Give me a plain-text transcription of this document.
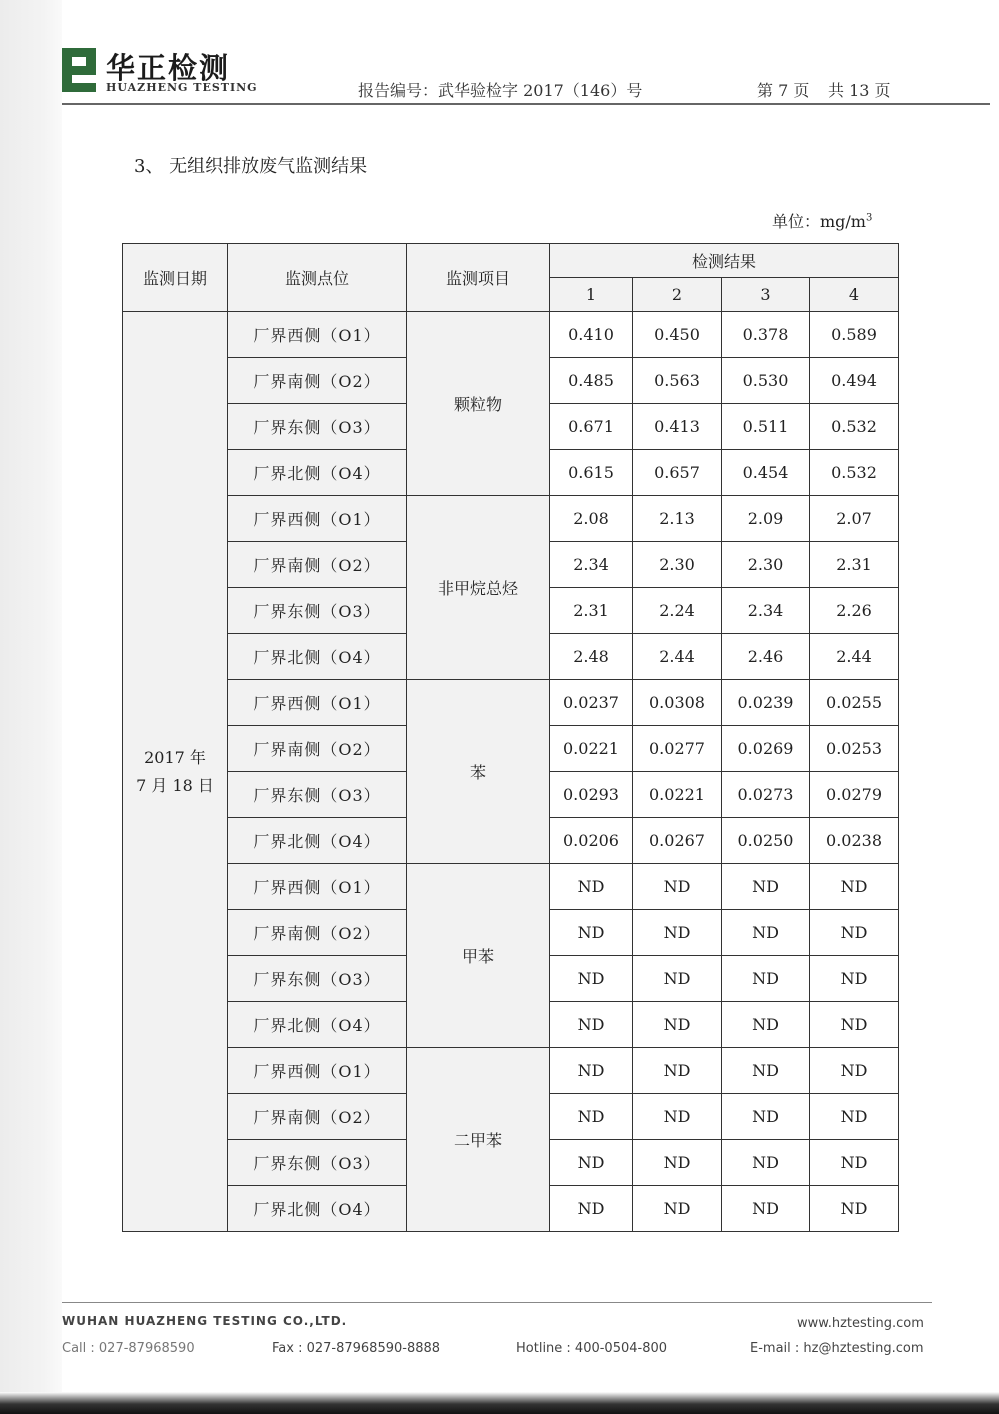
华正检测
HUAZHENG TESTING	报告编号：武华验检字 2017（146）号	第 7 页 共 13 页
3、 无组织排放废气监测结果
单位：$mg/m^3$
监测日期	监测点位	监测项目	检测结果			
			1	2	3	4

2017 年
7 月 18 日	厂界西侧（O1）	颗粒物	0.410	0.450	0.378	0.589
	厂界南侧（O2）		0.485	0.563	0.530	0.494
	厂界东侧（O3）		0.671	0.413	0.511	0.532
	厂界北侧（O4）		0.615	0.657	0.454	0.532
	厂界西侧（O1）	非甲烷总烃	2.08	2.13	2.09	2.07
	厂界南侧（O2）		2.34	2.30	2.30	2.31
	厂界东侧（O3）		2.31	2.24	2.34	2.26
	厂界北侧（O4）		2.48	2.44	2.46	2.44
	厂界西侧（O1）	苯	0.0237	0.0308	0.0239	0.0255
	厂界南侧（O2）		0.0221	0.0277	0.0269	0.0253
	厂界东侧（O3）		0.0293	0.0221	0.0273	0.0279
	厂界北侧（O4）		0.0206	0.0267	0.0250	0.0238
	厂界西侧（O1）	甲苯	ND	ND	ND	ND
	厂界南侧（O2）		ND	ND	ND	ND
	厂界东侧（O3）		ND	ND	ND	ND
	厂界北侧（O4）		ND	ND	ND	ND
	厂界西侧（O1）	二甲苯	ND	ND	ND	ND
	厂界南侧（O2）		ND	ND	ND	ND
	厂界东侧（O3）		ND	ND	ND	ND
	厂界北侧（O4）		ND	ND	ND	ND
WUHAN HUAZHENG TESTING CO.,LTD.	www.hztesting.com
Call : 027-87968590	Fax : 027-87968590-8888	Hotline : 400-0504-800	E-mail : hz@hztesting.com
